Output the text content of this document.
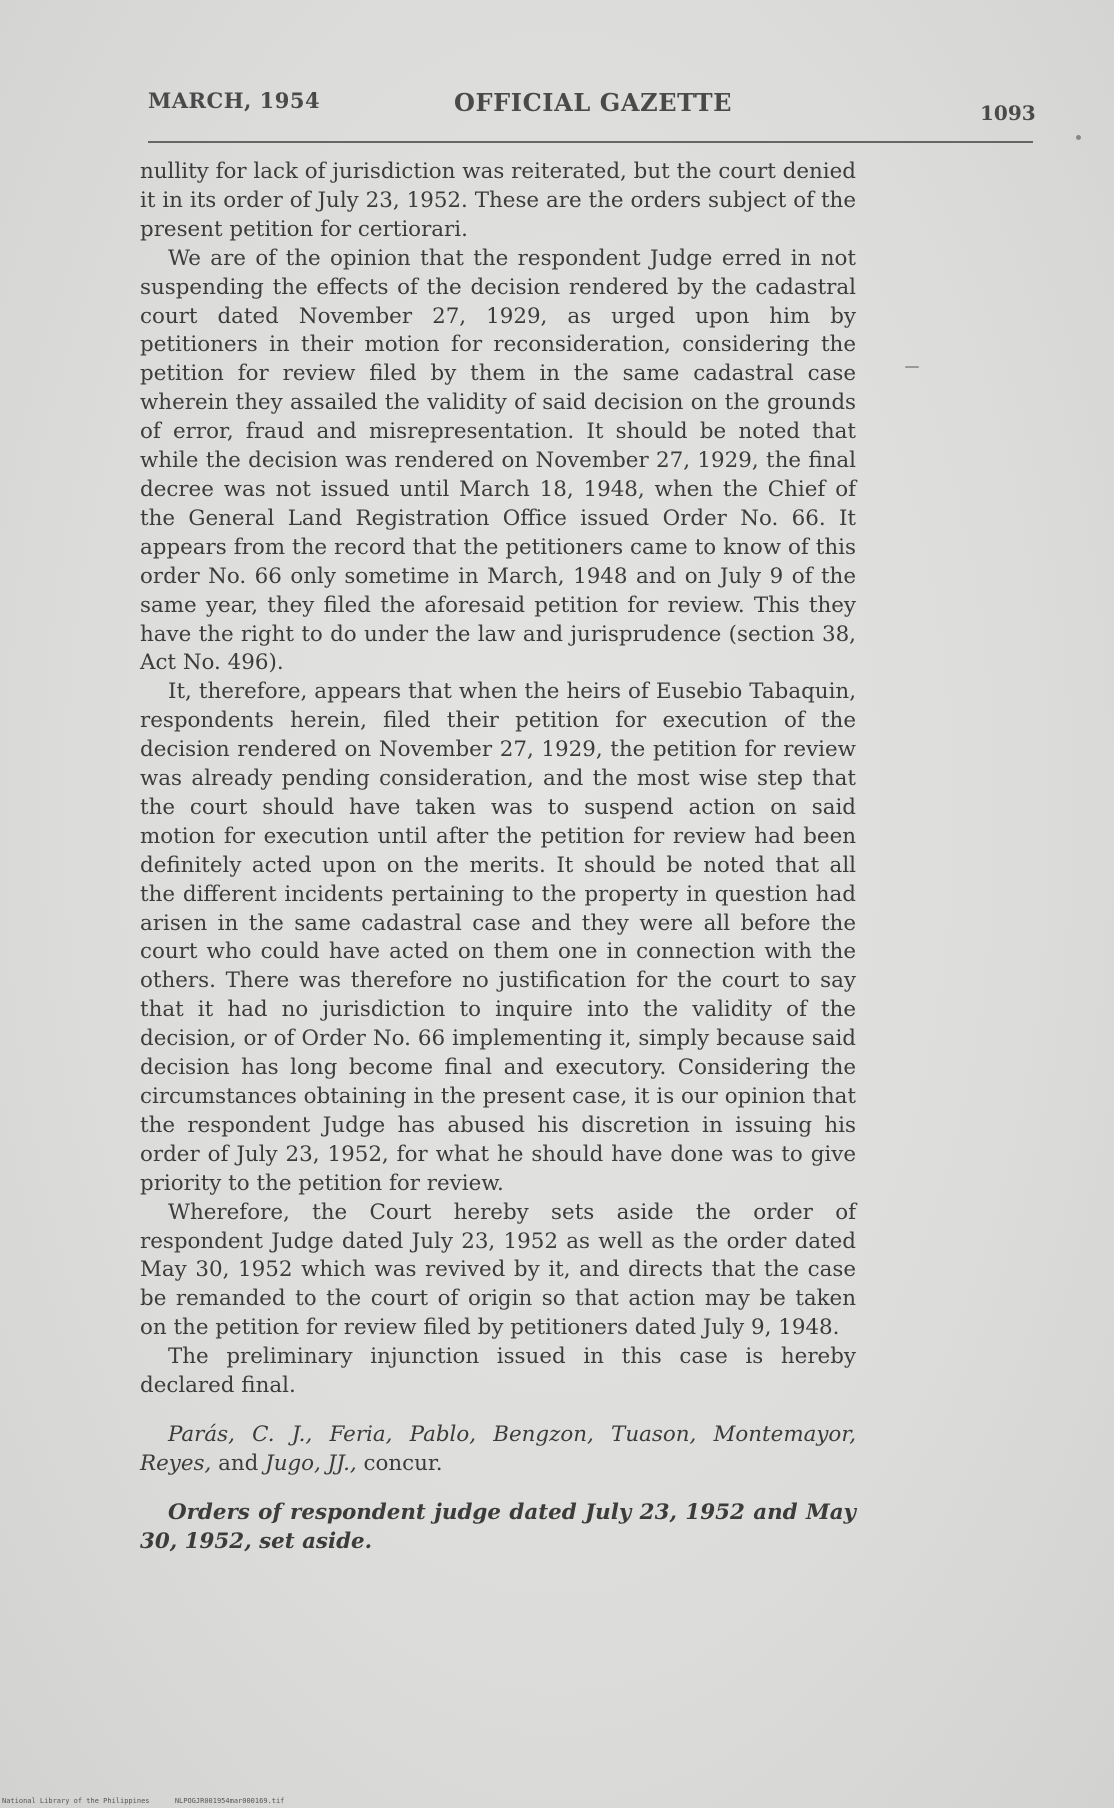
MARCH, 1954	OFFICIAL GAZETTE	1093

nullity for lack of jurisdiction was reiterated, but the court denied it in its order of July 23, 1952. These are the orders subject of the present petition for certiorari.

We are of the opinion that the respondent Judge erred in not suspending the effects of the decision rendered by the cadastral court dated November 27, 1929, as urged upon him by petitioners in their motion for reconsideration, considering the petition for review filed by them in the same cadastral case wherein they assailed the validity of said decision on the grounds of error, fraud and misrepresentation. It should be noted that while the decision was rendered on November 27, 1929, the final decree was not issued until March 18, 1948, when the Chief of the General Land Registration Office issued Order No. 66. It appears from the record that the petitioners came to know of this order No. 66 only sometime in March, 1948 and on July 9 of the same year, they filed the aforesaid petition for review. This they have the right to do under the law and jurisprudence (section 38, Act No. 496).

It, therefore, appears that when the heirs of Eusebio Tabaquin, respondents herein, filed their petition for execution of the decision rendered on November 27, 1929, the petition for review was already pending consideration, and the most wise step that the court should have taken was to suspend action on said motion for execution until after the petition for review had been definitely acted upon on the merits. It should be noted that all the different incidents pertaining to the property in question had arisen in the same cadastral case and they were all before the court who could have acted on them one in connection with the others. There was therefore no justification for the court to say that it had no jurisdiction to inquire into the validity of the decision, or of Order No. 66 implementing it, simply because said decision has long become final and executory. Considering the circumstances obtaining in the present case, it is our opinion that the respondent Judge has abused his discretion in issuing his order of July 23, 1952, for what he should have done was to give priority to the petition for review.

Wherefore, the Court hereby sets aside the order of respondent Judge dated July 23, 1952 as well as the order dated May 30, 1952 which was revived by it, and directs that the case be remanded to the court of origin so that action may be taken on the petition for review filed by petitioners dated July 9, 1948.

The preliminary injunction issued in this case is hereby declared final.

Parás, C. J., Feria, Pablo, Bengzon, Tuason, Montemayor, Reyes, and Jugo, JJ., concur.

Orders of respondent judge dated July 23, 1952 and May 30, 1952, set aside.

National Library of the Philippines	NLPOGJR001954mar000169.tif
